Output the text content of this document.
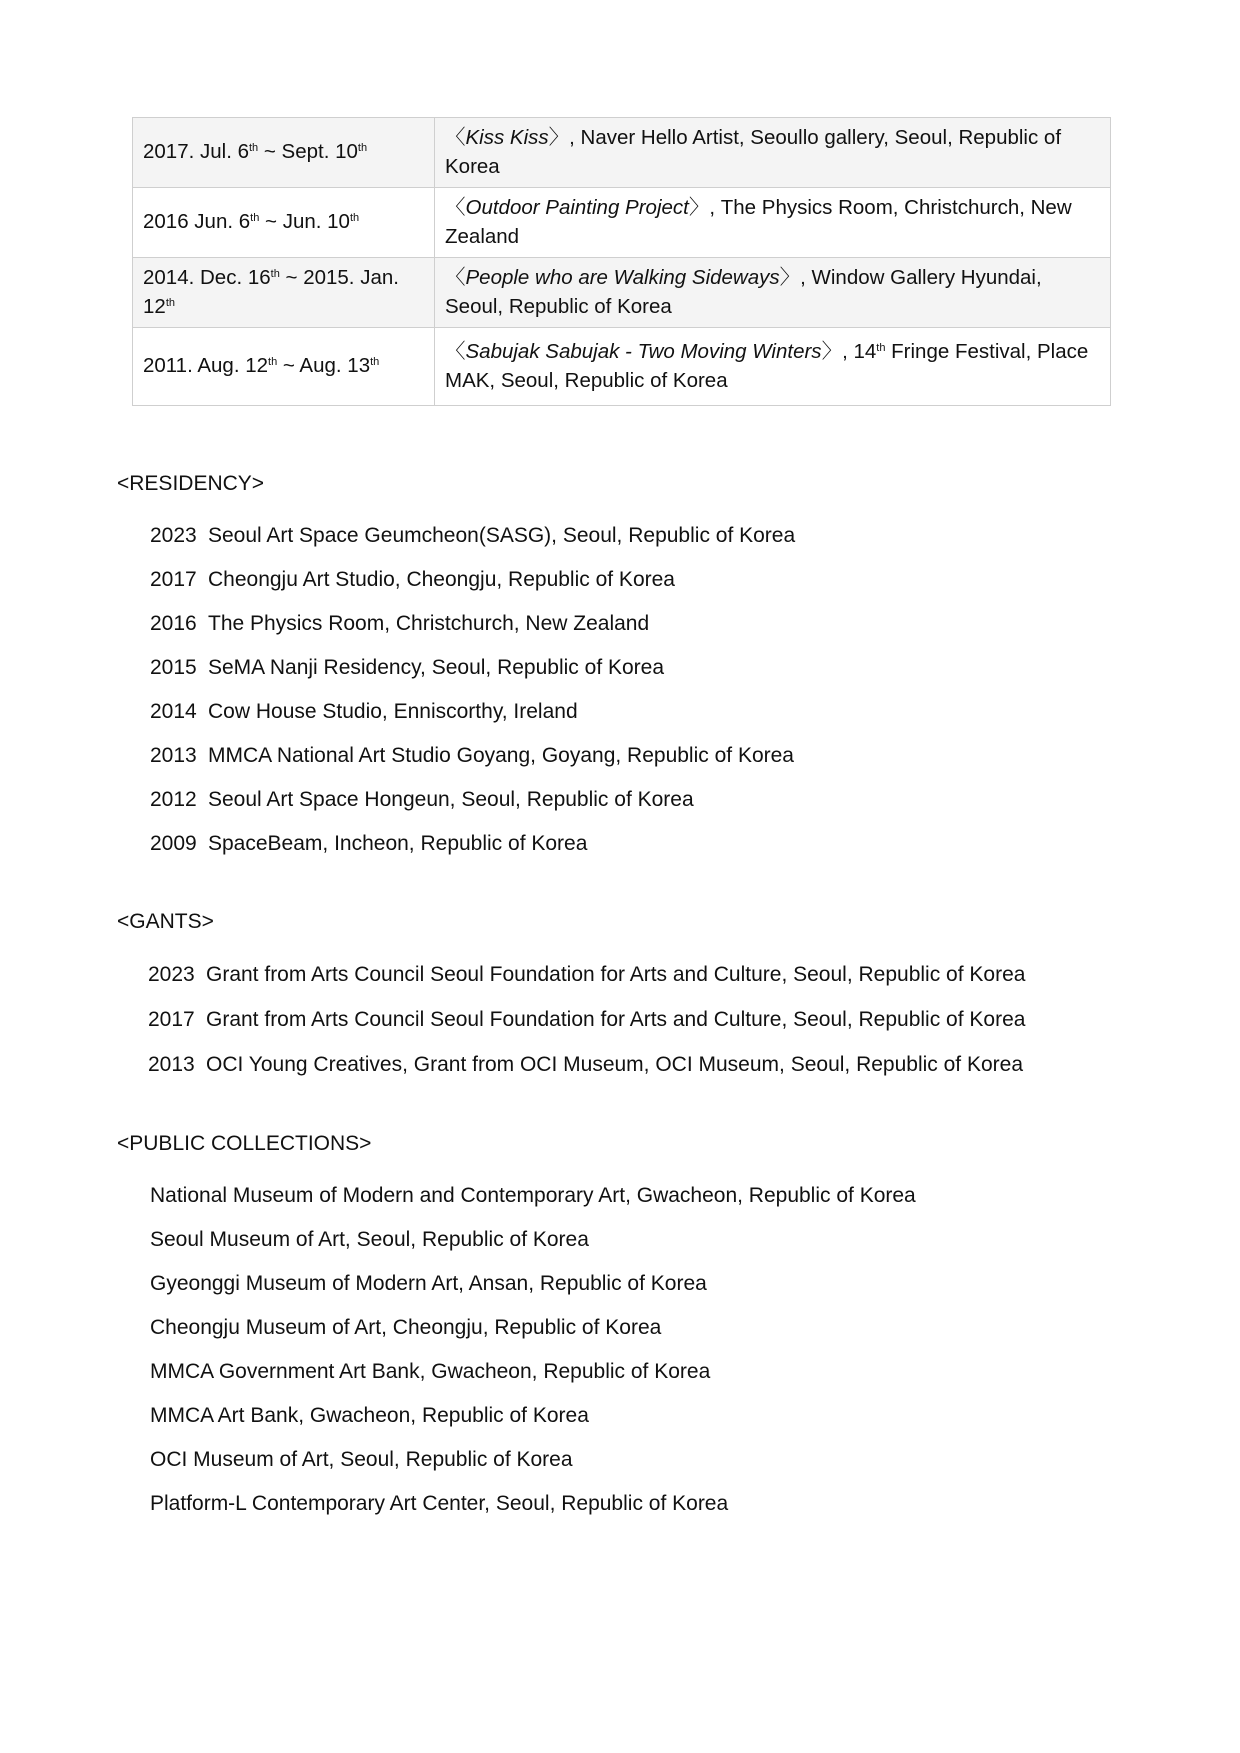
2017. Jul. 6th ~ Sept. 10th	〈Kiss Kiss〉, Naver Hello Artist, Seoullo gallery, Seoul, Republic of Korea
2016 Jun. 6th ~ Jun. 10th	〈Outdoor Painting Project〉, The Physics Room, Christchurch, New Zealand
2014. Dec. 16th ~ 2015. Jan. 12th	〈People who are Walking Sideways〉, Window Gallery Hyundai, Seoul, Republic of Korea
2011. Aug. 12th ~ Aug. 13th	〈Sabujak Sabujak - Two Moving Winters〉, 14th Fringe Festival, Place MAK, Seoul, Republic of Korea

<RESIDENCY>

2023 Seoul Art Space Geumcheon(SASG), Seoul, Republic of Korea
2017 Cheongju Art Studio, Cheongju, Republic of Korea
2016 The Physics Room, Christchurch, New Zealand
2015 SeMA Nanji Residency, Seoul, Republic of Korea
2014 Cow House Studio, Enniscorthy, Ireland
2013 MMCA National Art Studio Goyang, Goyang, Republic of Korea
2012 Seoul Art Space Hongeun, Seoul, Republic of Korea
2009 SpaceBeam, Incheon, Republic of Korea

<GANTS>

2023 Grant from Arts Council Seoul Foundation for Arts and Culture, Seoul, Republic of Korea
2017 Grant from Arts Council Seoul Foundation for Arts and Culture, Seoul, Republic of Korea
2013 OCI Young Creatives, Grant from OCI Museum, OCI Museum, Seoul, Republic of Korea

<PUBLIC COLLECTIONS>

National Museum of Modern and Contemporary Art, Gwacheon, Republic of Korea
Seoul Museum of Art, Seoul, Republic of Korea
Gyeonggi Museum of Modern Art, Ansan, Republic of Korea
Cheongju Museum of Art, Cheongju, Republic of Korea
MMCA Government Art Bank, Gwacheon, Republic of Korea
MMCA Art Bank, Gwacheon, Republic of Korea
OCI Museum of Art, Seoul, Republic of Korea
Platform-L Contemporary Art Center, Seoul, Republic of Korea
